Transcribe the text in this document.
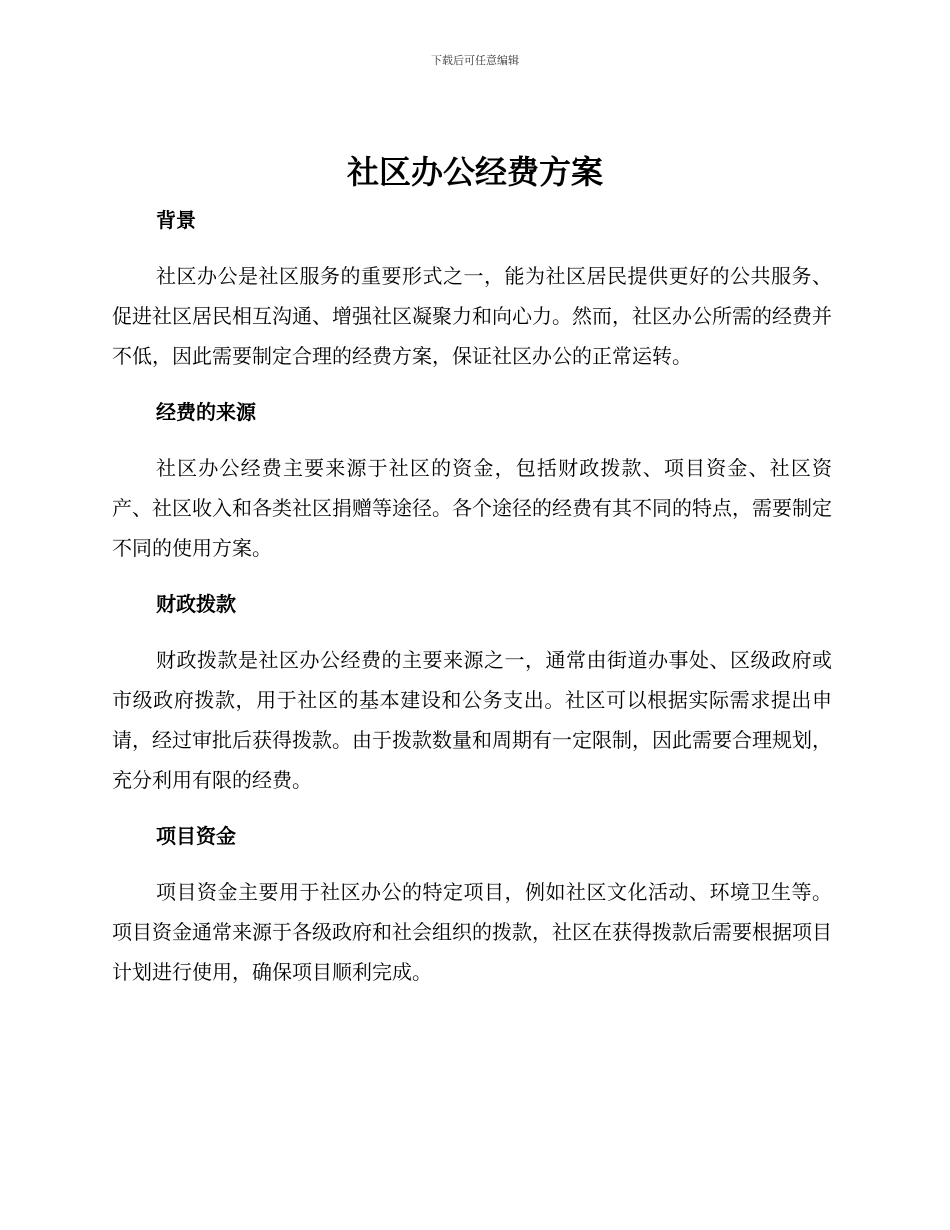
下载后可任意编辑
社区办公经费方案
背景

社区办公是社区服务的重要形式之一，能为社区居民提供更好的公共服务、促进社区居民相互沟通、增强社区凝聚力和向心力。然而，社区办公所需的经费并不低，因此需要制定合理的经费方案，保证社区办公的正常运转。

经费的来源

社区办公经费主要来源于社区的资金，包括财政拨款、项目资金、社区资产、社区收入和各类社区捐赠等途径。各个途径的经费有其不同的特点，需要制定不同的使用方案。

财政拨款

财政拨款是社区办公经费的主要来源之一，通常由街道办事处、区级政府或市级政府拨款，用于社区的基本建设和公务支出。社区可以根据实际需求提出申请，经过审批后获得拨款。由于拨款数量和周期有一定限制，因此需要合理规划，充分利用有限的经费。

项目资金

项目资金主要用于社区办公的特定项目，例如社区文化活动、环境卫生等。项目资金通常来源于各级政府和社会组织的拨款，社区在获得拨款后需要根据项目计划进行使用，确保项目顺利完成。
